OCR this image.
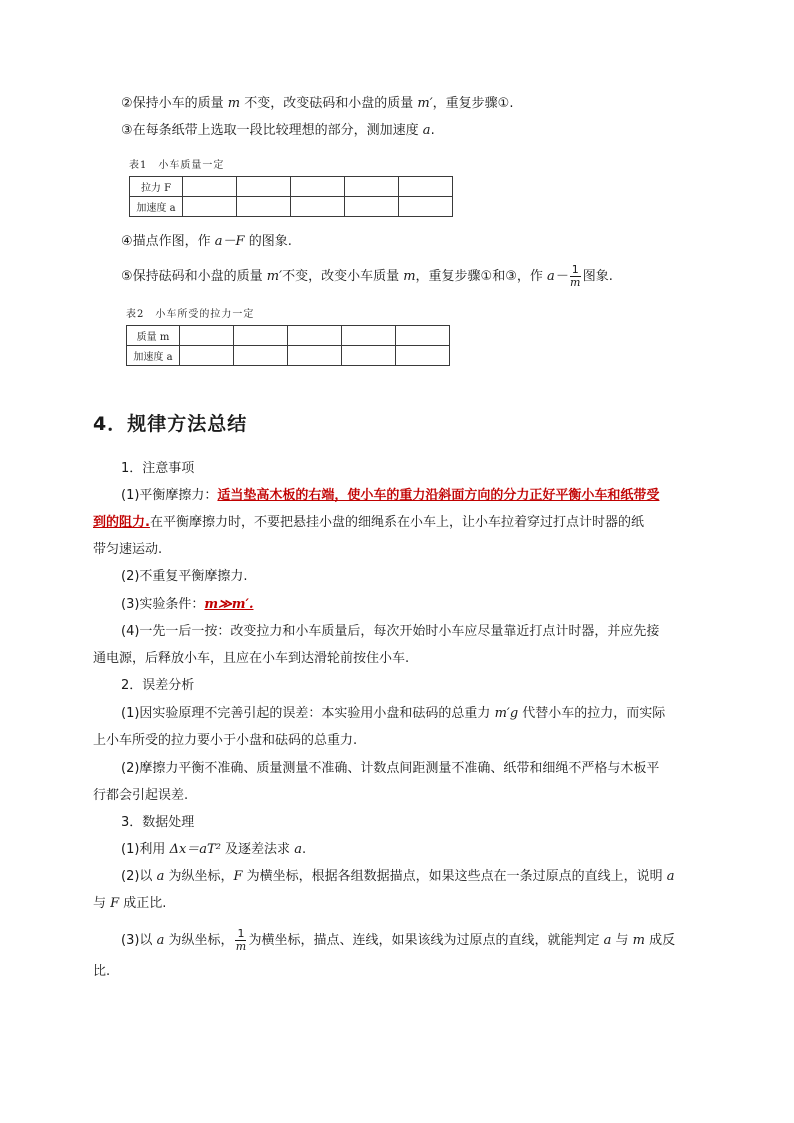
②保持小车的质量 m 不变，改变砝码和小盘的质量 m′，重复步骤①.
③在每条纸带上选取一段比较理想的部分，测加速度 a.
表1　小车质量一定
拉力 F					
加速度 a					
④描点作图，作 a－F 的图象.
⑤保持砝码和小盘的质量 m′不变，改变小车质量 m，重复步骤①和③，作 $a- \frac{1}{m}$ 图象.
表2　小车所受的拉力一定
质量 m					
加速度 a					
4．规律方法总结
1．注意事项
(1)平衡摩擦力：适当垫高木板的右端，使小车的重力沿斜面方向的分力正好平衡小车和纸带受
到的阻力.在平衡摩擦力时，不要把悬挂小盘的细绳系在小车上，让小车拉着穿过打点计时器的纸
带匀速运动.
(2)不重复平衡摩擦力.
(3)实验条件：m≫m′.
(4)一先一后一按：改变拉力和小车质量后，每次开始时小车应尽量靠近打点计时器，并应先接
通电源，后释放小车，且应在小车到达滑轮前按住小车.
2．误差分析
(1)因实验原理不完善引起的误差：本实验用小盘和砝码的总重力 m′g 代替小车的拉力，而实际
上小车所受的拉力要小于小盘和砝码的总重力.
(2)摩擦力平衡不准确、质量测量不准确、计数点间距测量不准确、纸带和细绳不严格与木板平
行都会引起误差.
3．数据处理
(1)利用 Δx＝aT² 及逐差法求 a.
(2)以 a 为纵坐标，F 为横坐标，根据各组数据描点，如果这些点在一条过原点的直线上，说明 a
与 F 成正比.
(3)以 a 为纵坐标， $\frac{1}{m}$ 为横坐标，描点、连线，如果该线为过原点的直线，就能判定 a 与 m 成反
比.
